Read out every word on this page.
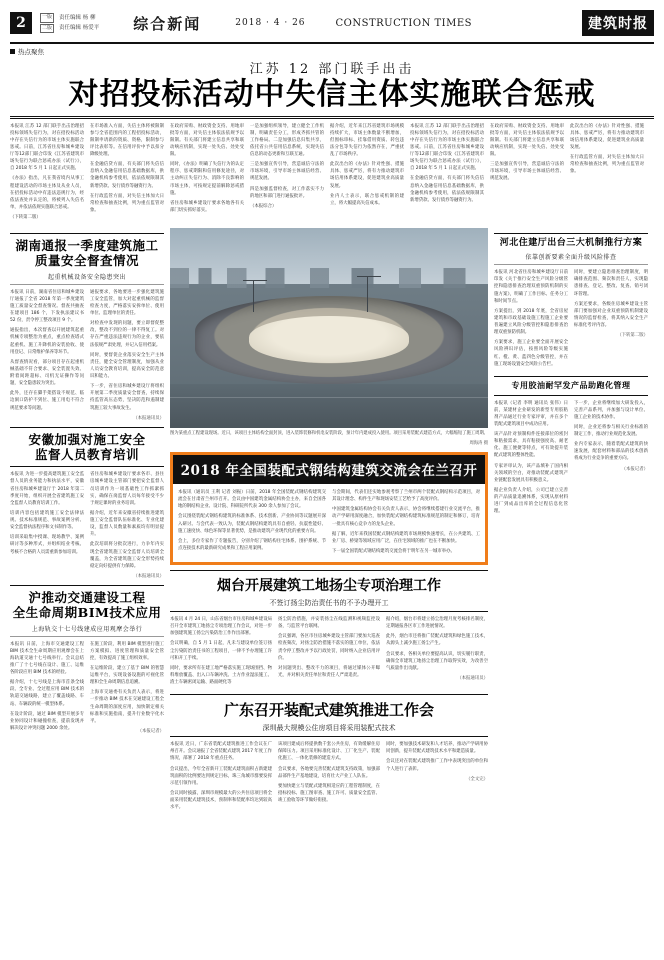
2	一版	责任编辑 杨 柳
二版	责任编辑 杨爱平 综合新闻	2018 · 4 · 26	CONSTRUCTION TIMES	建筑时报
热点聚焦
江苏 12 部门联手出击
对招投标活动中失信主体实施联合惩戒

本报讯 江苏 12 部门联手出击治理招投标领域失信行为，对在招投标活动中存在失信行为的市场主体实施联合惩戒。日前，江苏省住房和城乡建设厅等12部门联合印发《江苏省建筑市场失信行为联合惩戒办法（试行）》，自 2018 年 5 月 1 日起正式实施。

《办法》指出，凡在我省境内从事工程建设活动的市场主体及从业人员，在招投标活动中有违法违规行为，经依法查处并认定的，将被列入失信名单，并依法依规实施联合惩戒。

（下转第二版）

在市场准入方面，失信主体将被限制参与全省范围内的工程招投标活动，限制申请新的资质、资格，限制参与评比表彰等。在信用评价中予以扣分降级处理。

在金融信贷方面，有关部门将失信信息纳入金融信用信息基础数据库，供金融机构参考使用，依法依规限制其新增贷款、发行债券等融资行为。

在行政监管方面，对失信主体加大日常检查和抽查比例，列为重点监管对象。

在政府采购、财政资金支持、用地审批等方面，对失信主体依法依规予以限制。有关部门将建立信息共享和联动响应机制，实现一处失信、处处受限。

同时，《办法》明确了失信行为的认定程序、惩戒期限和信用修复途径，对主动纠正失信行为、消除不良影响的市场主体，可按规定提前解除惩戒措施。

省住房和城乡建设厅要求各地各有关部门切实抓好落实。

一是加强组织领导，建立健全工作机制，明确责任分工，形成齐抓共管的工作格局。二是加强信息归集共享，依托省公共信用信息系统，实现失信信息的动态更新和互联互通。

三是加强宣传引导，营造诚信守法的市场环境，引导市场主体诚信经营、规范发展。

四是加强监督检查，对工作落实不力的地区和部门进行通报批评。

（本报综合）

据介绍，近年来江苏省建筑市场规模持续扩大，市场主体数量不断增加，但围标串标、挂靠借用资质、转包违法分包等失信行为依然存在，严重扰乱了市场秩序。

此次出台的《办法》针对性强、措施具体、惩戒严厉，将有力推动建筑市场信用体系建设，促进建筑业高质量发展。

业内人士表示，联合惩戒机制的建立，将大幅提高失信成本。

本报讯 江苏 12 部门联手出击治理招投标领域失信行为，对在招投标活动中存在失信行为的市场主体实施联合惩戒。日前，江苏省住房和城乡建设厅等12部门联合印发《江苏省建筑市场失信行为联合惩戒办法（试行）》，自 2018 年 5 月 1 日起正式实施。

在金融信贷方面，有关部门将失信信息纳入金融信用信息基础数据库，供金融机构参考使用，依法依规限制其新增贷款、发行债券等融资行为。

在政府采购、财政资金支持、用地审批等方面，对失信主体依法依规予以限制。有关部门将建立信息共享和联动响应机制，实现一处失信、处处受限。

三是加强宣传引导，营造诚信守法的市场环境，引导市场主体诚信经营、规范发展。

此次出台的《办法》针对性强、措施具体、惩戒严厉，将有力推动建筑市场信用体系建设，促进建筑业高质量发展。

在行政监管方面，对失信主体加大日常检查和抽查比例，列为重点监管对象。

湖南通报一季度建筑施工
质量安全督查情况
起重机械设备安全隐患突出

本报讯 日前，湖南省住房和城乡建设厅通报了全省 2018 年第一季度建筑施工质量安全督查情况。督查共抽查在建项目 186 个，下发执法建议书 52 份，责令停工整改项目 9 个。

通报指出，本次督查以开展建筑起重机械专项整治为重点，重点检查塔式起重机、施工升降机的安装验收、使用登记、日常维护保养等环节。

从督查情况看，部分项目存在起重机械基础不符合要求、安全装置失效、附着间距超标、司机无证操作等问题，安全隐患较为突出。

此外，还存在脚手架搭设不规范、临边洞口防护不到位、施工用电不符合规范要求等问题。

通报要求，各地要进一步强化建筑施工安全监管，加大对起重机械的监督检查力度，严格落实安拆单位、使用单位、监理单位的责任。

对检查中发现的问题，要立即督促整改，整改不到位的一律不得复工。对存在严重违法违规行为的企业，要依法依规严肃处理，并记入信用档案。

同时，要督促企业落实安全生产主体责任，健全安全管理制度，加强从业人员安全教育培训，提高安全防范意识和能力。

下一步，省住房和城乡建设厅将组织开展第二季度质量安全督查，持续保持监管高压态势，坚决防范和遏制建筑施工较大事故发生。

（本报通讯员）
安徽加强对施工安全
监督人员教育培训

本报讯 为进一步提高建筑施工安全监督人员的业务能力和执法水平，安徽省住房和城乡建设厅于 2018 年第二季度开始，组织开展全省建筑施工安全监督人员教育培训工作。

培训内容包括建筑施工安全法律法规、技术标准规范、事故案例分析、安全监督执法程序和文书制作等。

培训采取集中授课、现场教学、案例研讨等多种形式，并组织结业考核。考核不合格的人员需重新参加培训。

省住房和城乡建设厅要求各市、县住房城乡建设主管部门要把安全监督人员培训作为一项基础性工作抓紧抓实，确保在岗监督人员每年接受不少于规定课时的业务培训。

据介绍，近年来安徽省持续推进建筑施工安全监督队伍标准化、专业化建设，监督人员数量和素质均有明显提升。

此次培训将分批次进行，力争年内实现全省建筑施工安全监督人员培训全覆盖，为全省建筑施工安全形势持续稳定向好提供有力保障。

（本报通讯员）
沪推动交通建设工程
全生命周期BIM技术应用
上海轨交十七号线建成应用观摩会举行

本报讯 日前，上海市交通建设工程 BIM 技术全生命周期应用观摩会在上海轨道交通十七号线举行。会议总结推广了十七号线在设计、施工、运维各阶段应用 BIM 技术的经验。

据介绍，十七号线是上海市首条全线段、全专业、全过程应用 BIM 技术的轨道交通线路，建立了覆盖线路、车站、车辆段的统一模型体系。

在设计阶段，通过 BIM 模型开展多专业协同设计和碰撞检查，提前发现并解决设计冲突问题 2000 余处。

在施工阶段，利用 BIM 模型进行施工方案模拟、进度管理和质量安全管控，有效提高了施工组织效率。

在运维阶段，建立了基于 BIM 的智慧运维平台，实现设备设施的可视化管理和全生命周期信息追溯。

上海市交通委有关负责人表示，将进一步推动 BIM 技术在交通建设工程全生命周期的深度应用，加快制定相关标准和实施指南，提升行业数字化水平。

（本报记者）
图为某重点工程建设现场。近日，该项目主体结构全面封顶，进入装饰装修和机电安装阶段，预计年内建成投入使用。项目采用装配式建造方式，大幅缩短了施工周期。
周海涛 摄
2018 年全国装配式钢结构建筑交流会在兰召开

本报讯（通讯员 王利 记者 刘振）日前，2018 年全国装配式钢结构建筑交流会在甘肃省兰州市召开。会议由中国建筑金属结构协会主办，来自全国各地的钢结构企业、设计院、科研院所代表 300 余人参加了会议。

会议围绕装配式钢结构建筑的标准体系、技术创新、产业协同等议题展开深入研讨。与会代表一致认为，装配式钢结构建筑具有自重轻、抗震性能好、施工速度快、绿色环保等显著优势，是推动建筑产业现代化的重要方向。

会上，多位专家作了专题报告，分别介绍了钢结构住宅体系、围护系统、节点连接技术的最新研究成果和工程应用案例。

与会期间，代表们还实地参观考察了兰州市两个装配式钢结构示范项目，对其设计理念、构件生产和现场安装工艺给予了高度评价。

中国建筑金属结构协会有关负责人表示，协会将继续搭建行业交流平台，推动产学研用深度融合，加快装配式钢结构建筑标准规范的制定和修订，培育一批具有核心竞争力的龙头企业。

据了解，近年来我国装配式钢结构建筑市场规模快速增长，在公共建筑、工业厂房、桥梁等领域应用广泛，在住宅领域的推广也在不断加快。

下一届全国装配式钢结构建筑交流会将于明年在另一城市举办。

烟台开展建筑工地扬尘专项治理工作
不签订扬尘防治责任书的不予办理开工

本报讯 4 月 24 日，山东省烟台市住房和城乡建设局召开全市建筑工地扬尘专项治理工作会议，对进一步加强建筑施工扬尘污染防治工作作出部署。

会议明确，自 5 月 1 日起，凡未与建设单位签订扬尘污染防治责任书的工程项目，一律不予办理施工许可和开工手续。

同时，要求所有在建工地严格落实施工现场围挡、物料堆放覆盖、出入口车辆冲洗、土方作业湿法施工、渣土车辆密闭运输、路面硬化等

扬尘防治措施，并安装扬尘在线监测和视频监控设备，与监管平台联网。

会议强调，各区市住房城乡建设主管部门要加大巡查检查频次，对扬尘防治措施不落实的施工单位，依法责令停工整改并予以行政处罚，同时纳入企业信用评价。

对问题突出、整改不力的项目，将通过媒体公开曝光，并对相关责任单位和责任人严肃追责。

据介绍，烟台市将建立扬尘治理月度考核排名制度，定期通报各区市工作进展情况。

此外，烟台市还将推广装配式建筑和绿色施工技术，从源头上减少施工扬尘产生。

会议要求，各相关单位要提高认识，切实履行职责，确保全市建筑工地扬尘治理工作取得实效，为改善空气质量作出贡献。

（本报通讯员）
广东召开装配式建筑推进工作会
深圳最大规模公住房项目将采用装配式技术

本报讯 近日，广东省装配式建筑推进工作会议在广州召开。会议通报了全省装配式建筑 2017 年度工作情况，部署了 2018 年重点任务。

会议提出，今年全省新开工装配式建筑面积占新建建筑面积的比例要达到规定目标，珠三角城市群要发挥示范引领作用。

会议同时披露，深圳市规模最大的公共住房项目将全面采用装配式建筑技术，预制率和装配率均达到较高水平。

该项目建成后将提供数千套公共住房，有效缓解住房保障压力。项目采用标准化设计、工厂化生产、装配化施工、一体化装修的建造方式。

会议要求，各地要完善装配式建筑支持政策，加强部品部件生产基地建设，培育壮大产业工人队伍。

要加快建立与装配式建筑相适应的工程管理制度，在招标投标、施工图审查、施工许可、质量安全监管、竣工验收等环节做好衔接。

同时，要加强技术研发和人才培养，推动产学研用协同创新，提升装配式建筑技术水平和建造质量。

会议还对在装配式建筑推广工作中表现突出的单位和个人进行了表彰。

（全文完）
河北住建厅出台三大机制推行方案
依靠创新要素全面升级风险排查

本报讯 河北省住房和城乡建设厅日前印发《关于推行安全生产风险分级管控和隐患排查治理双重预防机制的实施方案》，明确了工作目标、任务分工和时间节点。

方案提出，到 2018 年底，全省房屋建筑和市政基础设施工程施工企业要普遍建立风险分级管控和隐患排查治理双重预防机制。

方案要求，施工企业要全面开展安全风险辨识评估，按照风险等级实施红、橙、黄、蓝四色分级管控，并在施工现场设置安全风险公告栏。

同时，要建立隐患排查治理制度，明确排查范围、频次和责任人，实现隐患排查、登记、整改、复查、销号闭环管理。

方案还要求，各级住房城乡建设主管部门要加强对企业双重预防机制建设情况的监督检查，将其纳入安全生产标准化考评内容。

（下转第二版）
专用胶油耐罕发产品助跑化管理

本报讯（记者 李明 通讯员 张伟）日前，某建材企业研发的新型专用胶粘剂产品通过行业专家评审，并在多个装配式建筑项目中成功应用。

该产品针对预制构件连接部位的密封和粘接需求，具有粘接强度高、耐老化、施工便捷等特点，可有效提升装配式建筑的整体性能。

专家评审认为，该产品填补了国内相关领域的空白，对推动装配式建筑产业链配套发展具有积极意义。

据企业负责人介绍，公司已建立完善的产品质量追溯体系，实现从原材料进厂到成品出库的全过程信息化管理。

下一步，企业将继续加大研发投入，完善产品系列，并加强与设计单位、施工企业的技术协作。

同时，企业还将参与相关行业标准的制定工作，推动行业规范化发展。

业内专家表示，随着装配式建筑的快速发展，配套材料和部品的技术创新将成为行业竞争的重要方向。

（本报记者）
